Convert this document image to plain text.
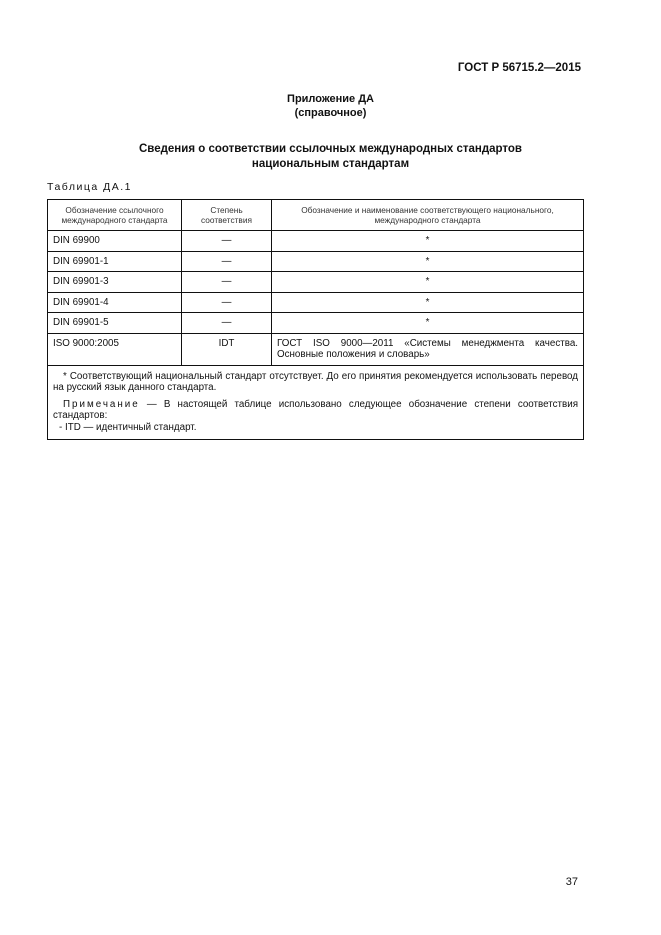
ГОСТ Р 56715.2—2015
Приложение ДА
(справочное)
Сведения о соответствии ссылочных международных стандартов
национальным стандартам
Таблица ДА.1
Обозначение ссылочного международного стандарта	Степень соответствия	Обозначение и наименование соответствующего национального, международного стандарта
DIN 69900	—	*
DIN 69901-1	—	*
DIN 69901-3	—	*
DIN 69901-4	—	*
DIN 69901-5	—	*
ISO 9000:2005	IDT	ГОСТ ISO 9000—2011 «Системы менеджмента качества. Основные положения и словарь»

* Соответствующий национальный стандарт отсутствует. До его принятия рекомендуется использовать перевод на русский язык данного стандарта.

Примечание — В настоящей таблице использовано следующее обозначение степени соответствия стандартов:

- ITD — идентичный стандарт.		

37
